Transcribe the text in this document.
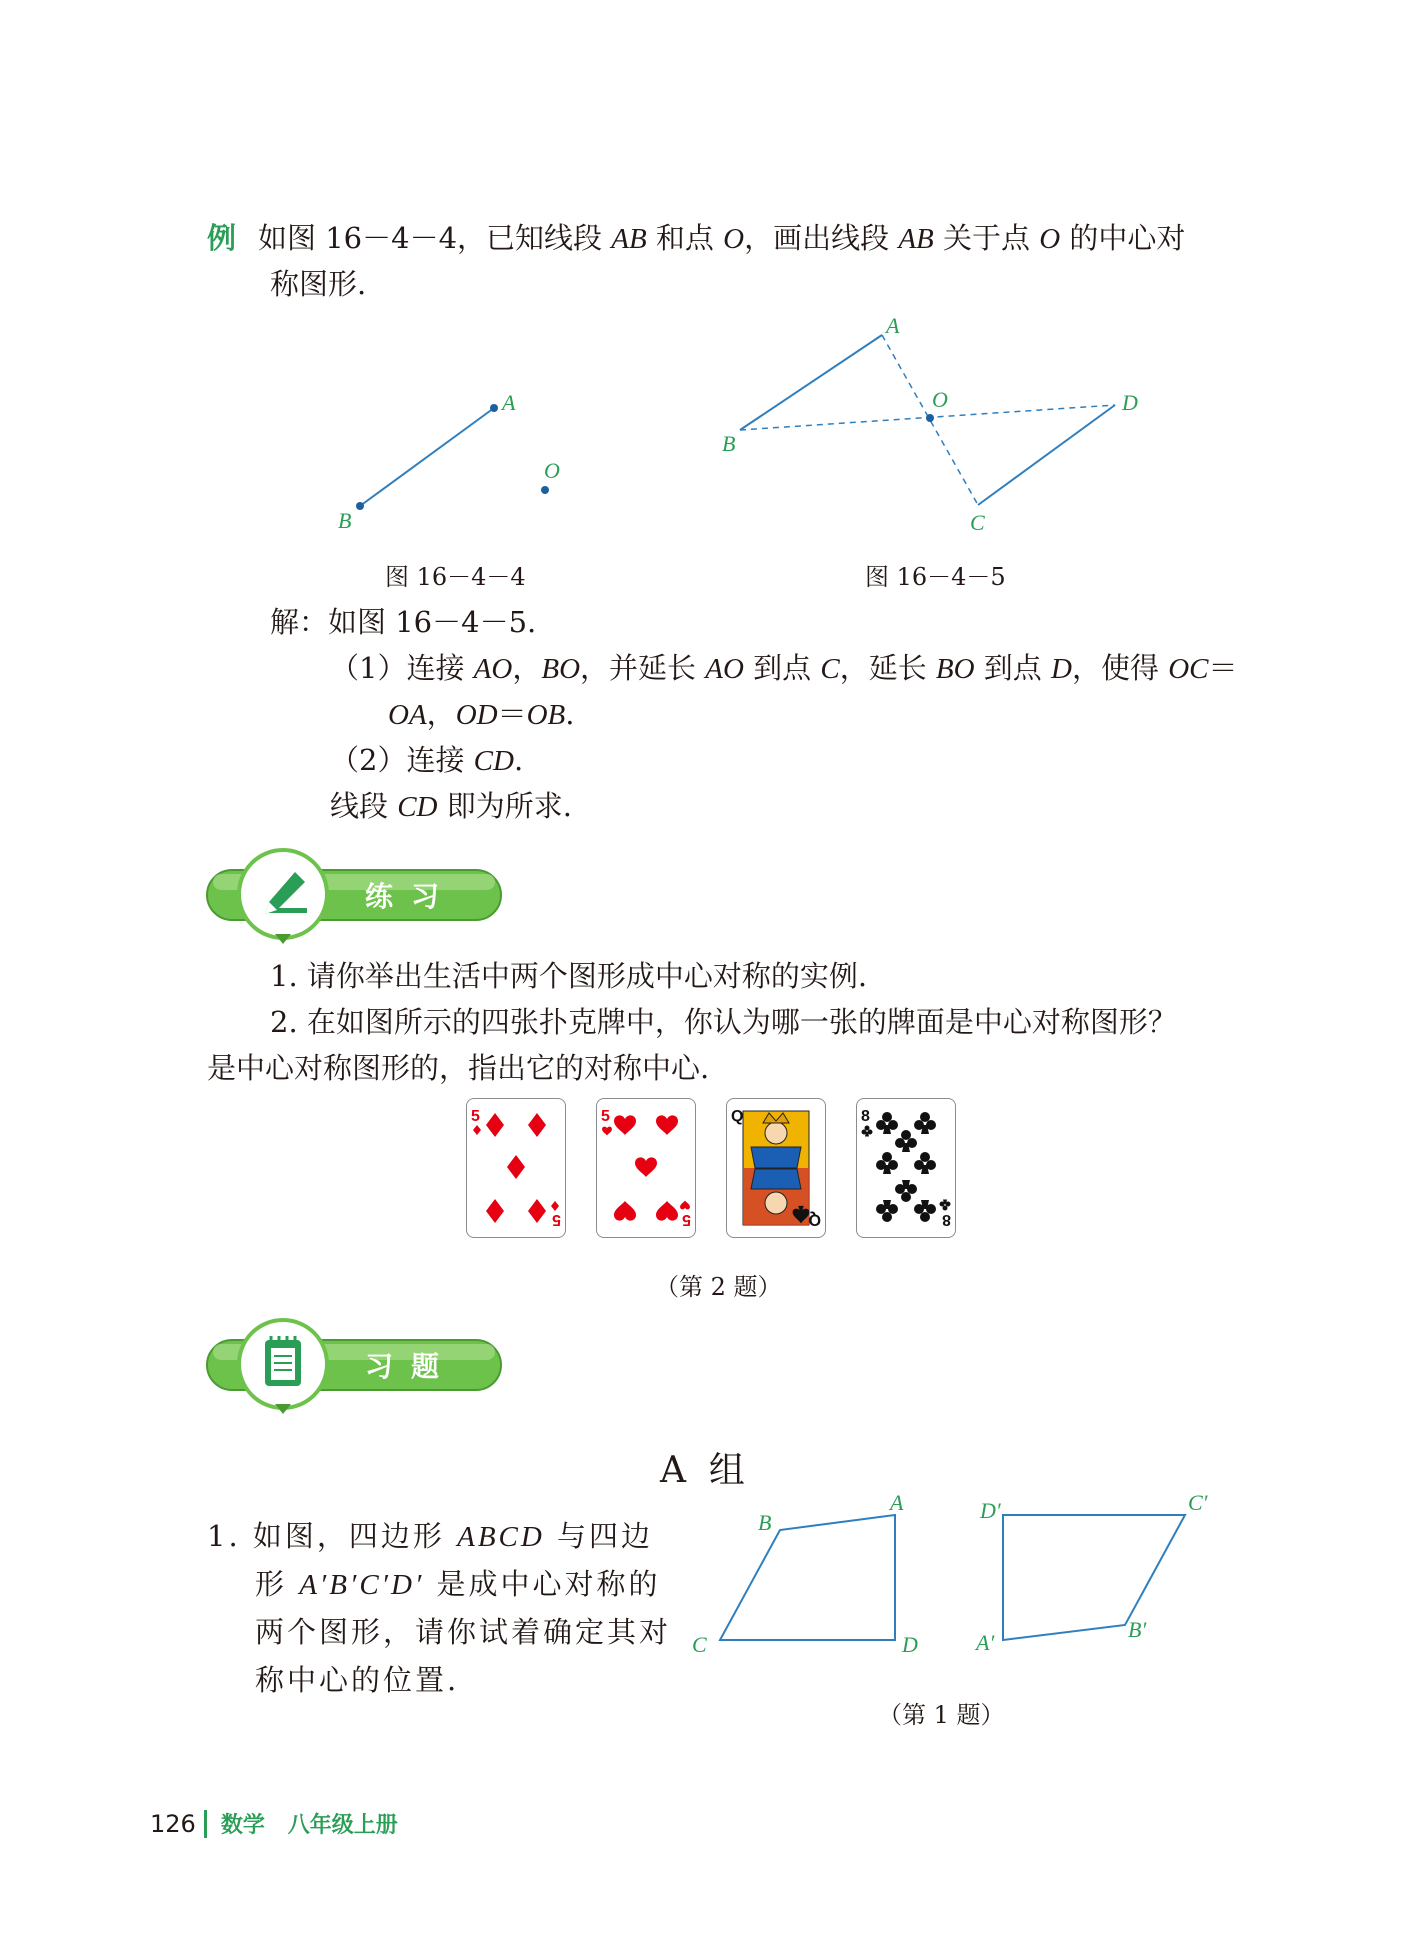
例 如图 16－4－4，已知线段 AB 和点 O，画出线段 AB 关于点 O 的中心对
称图形.
A
B
O
图 16－4－4
A
B
O
C
D
图 16－4－5
解：如图 16－4－5.
（1）连接 AO，BO，并延长 AO 到点 C，延长 BO 到点 D，使得 OC＝
OA，OD＝OB.
（2）连接 CD.
线段 CD 即为所求.
练习
1. 请你举出生活中两个图形成中心对称的实例.
2. 在如图所示的四张扑克牌中，你认为哪一张的牌面是中心对称图形？
是中心对称图形的，指出它的对称中心.
5
5
5
5
Q
Q
8
8
（第 2 题）
习题
A  组
1. 如图，四边形 ABCD 与四边
形 A′B′C′D′ 是成中心对称的
两个图形，请你试着确定其对
称中心的位置.
A
B
C	D	A′
B′
C′
D′
（第 1 题）
126 数学   八年级上册
